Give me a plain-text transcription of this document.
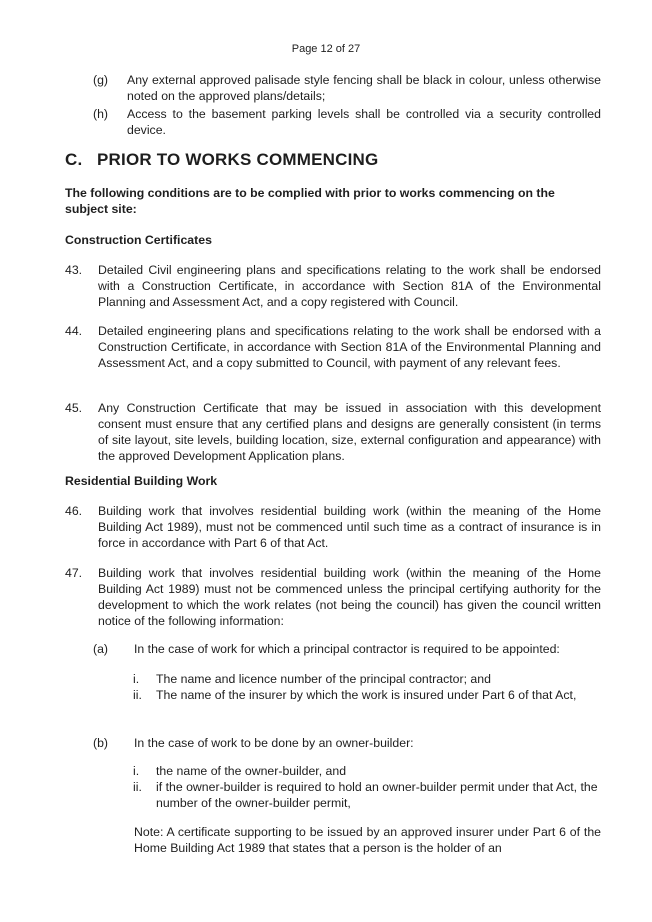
Page 12 of 27
(g) Any external approved palisade style fencing shall be black in colour, unless otherwise noted on the approved plans/details;
(h) Access to the basement parking levels shall be controlled via a security controlled device.
C. PRIOR TO WORKS COMMENCING
The following conditions are to be complied with prior to works commencing on the subject site:
Construction Certificates
43. Detailed Civil engineering plans and specifications relating to the work shall be endorsed with a Construction Certificate, in accordance with Section 81A of the Environmental Planning and Assessment Act, and a copy registered with Council.
44. Detailed engineering plans and specifications relating to the work shall be endorsed with a Construction Certificate, in accordance with Section 81A of the Environmental Planning and Assessment Act, and a copy submitted to Council, with payment of any relevant fees.
45. Any Construction Certificate that may be issued in association with this development consent must ensure that any certified plans and designs are generally consistent (in terms of site layout, site levels, building location, size, external configuration and appearance) with the approved Development Application plans.
Residential Building Work
46. Building work that involves residential building work (within the meaning of the Home Building Act 1989), must not be commenced until such time as a contract of insurance is in force in accordance with Part 6 of that Act.
47. Building work that involves residential building work (within the meaning of the Home Building Act 1989) must not be commenced unless the principal certifying authority for the development to which the work relates (not being the council) has given the council written notice of the following information:
(a) In the case of work for which a principal contractor is required to be appointed:
i. The name and licence number of the principal contractor; and
ii. The name of the insurer by which the work is insured under Part 6 of that Act,
(b) In the case of work to be done by an owner-builder:
i. the name of the owner-builder, and
ii. if the owner-builder is required to hold an owner-builder permit under that Act, the number of the owner-builder permit,
Note: A certificate supporting to be issued by an approved insurer under Part 6 of the Home Building Act 1989 that states that a person is the holder of an
